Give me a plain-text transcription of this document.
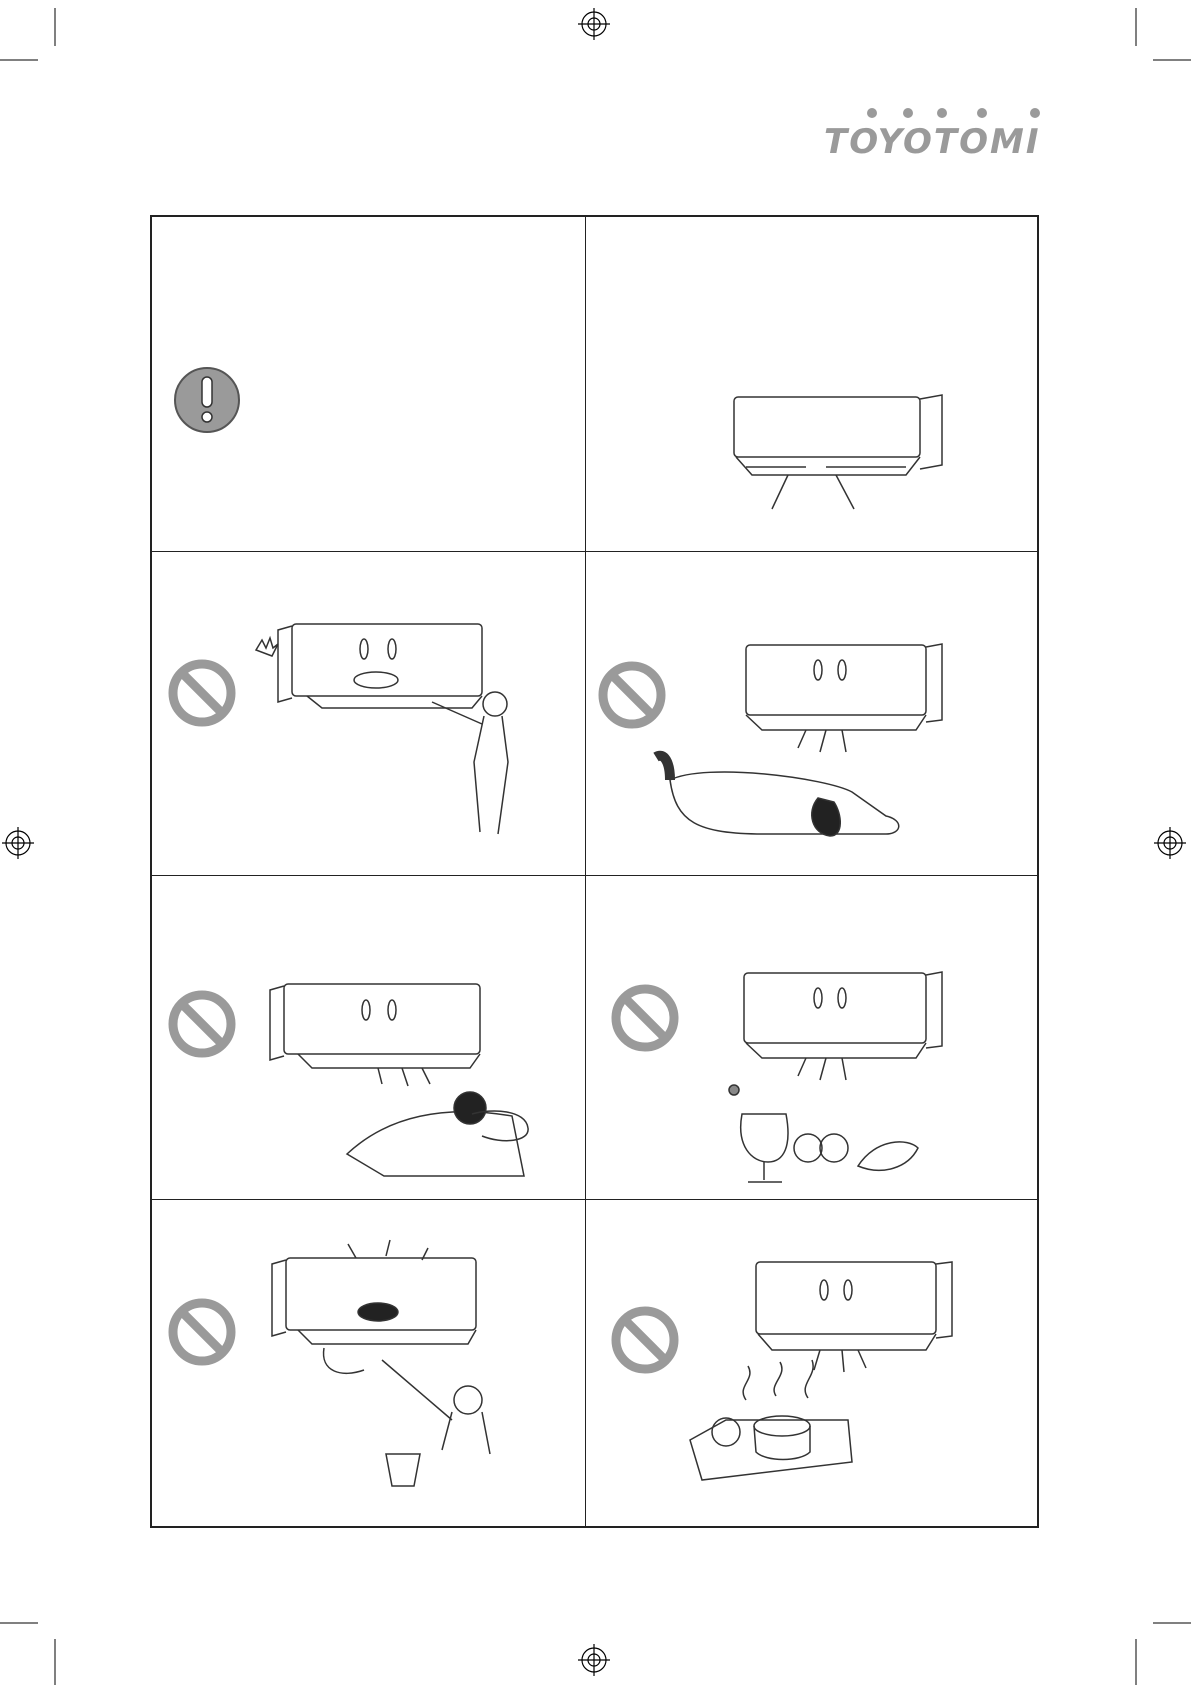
TOYOTOMI
